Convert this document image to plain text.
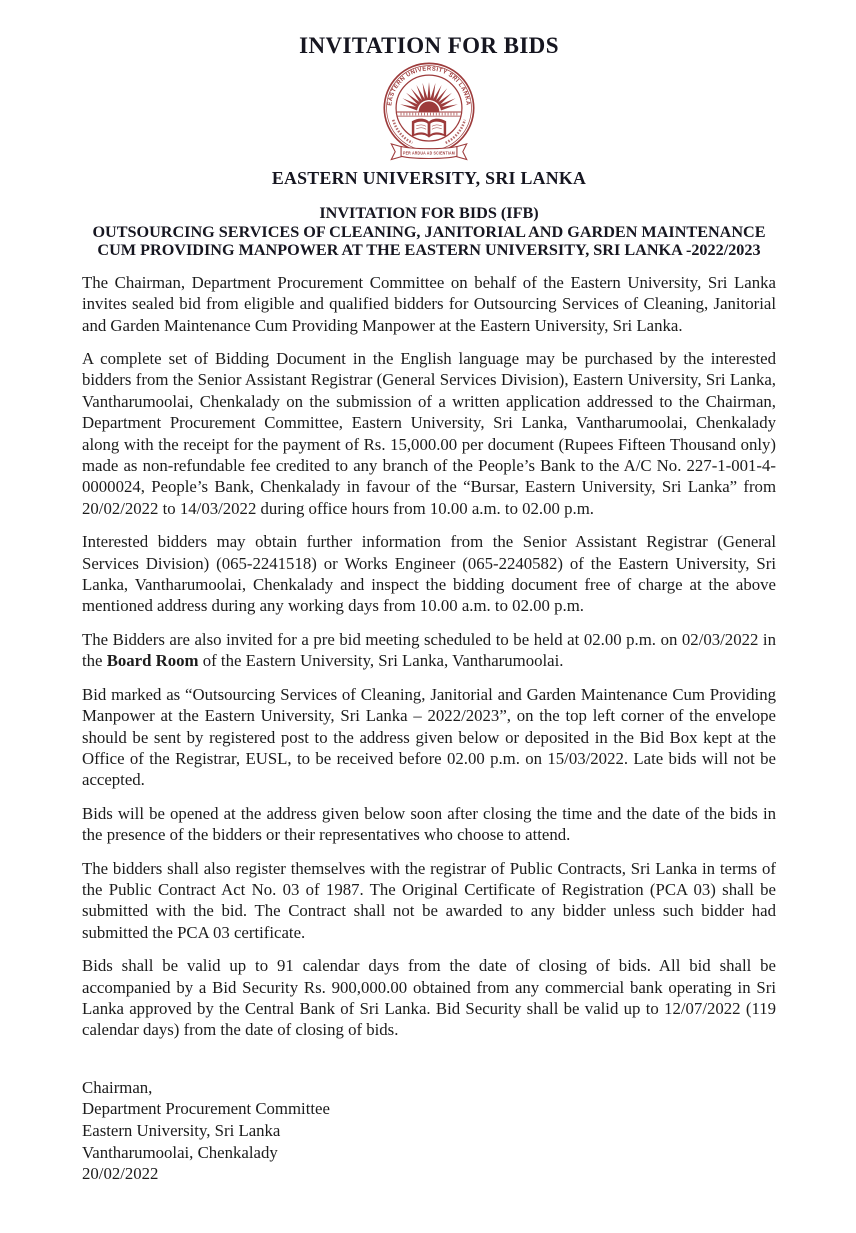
INVITATION FOR BIDS
EASTERN UNIVERSITY SRI LANKA
PER ARDUA AD SCIENTIAM
EASTERN UNIVERSITY, SRI LANKA
INVITATION FOR BIDS (IFB)
OUTSOURCING SERVICES OF CLEANING, JANITORIAL AND GARDEN MAINTENANCE
CUM PROVIDING MANPOWER AT THE EASTERN UNIVERSITY, SRI LANKA -2022/2023

The Chairman, Department Procurement Committee on behalf of the Eastern University, Sri Lanka invites sealed bid from eligible and qualified bidders for Outsourcing Services of Cleaning, Janitorial and Garden Maintenance Cum Providing Manpower at the Eastern University, Sri Lanka.

A complete set of Bidding Document in the English language may be purchased by the interested bidders from the Senior Assistant Registrar (General Services Division), Eastern University, Sri Lanka, Vantharumoolai, Chenkalady on the submission of a written application addressed to the Chairman, Department Procurement Committee, Eastern University, Sri Lanka, Vantharumoolai, Chenkalady along with the receipt for the payment of Rs. 15,000.00 per document (Rupees Fifteen Thousand only) made as non-refundable fee credited to any branch of the People’s Bank to the A/C No. 227-1-001-4-0000024, People’s Bank, Chenkalady in favour of the “Bursar, Eastern University, Sri Lanka” from 20/02/2022 to 14/03/2022 during office hours from 10.00 a.m. to 02.00 p.m.

Interested bidders may obtain further information from the Senior Assistant Registrar (General Services Division) (065-2241518) or Works Engineer (065-2240582) of the Eastern University, Sri Lanka, Vantharumoolai, Chenkalady and inspect the bidding document free of charge at the above mentioned address during any working days from 10.00 a.m. to 02.00 p.m.

The Bidders are also invited for a pre bid meeting scheduled to be held at 02.00 p.m. on 02/03/2022 in the Board Room of the Eastern University, Sri Lanka, Vantharumoolai.

Bid marked as “Outsourcing Services of Cleaning, Janitorial and Garden Maintenance Cum Providing Manpower at the Eastern University, Sri Lanka – 2022/2023”, on the top left corner of the envelope should be sent by registered post to the address given below or deposited in the Bid Box kept at the Office of the Registrar, EUSL, to be received before 02.00 p.m. on 15/03/2022. Late bids will not be accepted.

Bids will be opened at the address given below soon after closing the time and the date of the bids in the presence of the bidders or their representatives who choose to attend.

The bidders shall also register themselves with the registrar of Public Contracts, Sri Lanka in terms of the Public Contract Act No. 03 of 1987. The Original Certificate of Registration (PCA 03) shall be submitted with the bid. The Contract shall not be awarded to any bidder unless such bidder had submitted the PCA 03 certificate.

Bids shall be valid up to 91 calendar days from the date of closing of bids. All bid shall be accompanied by a Bid Security Rs. 900,000.00 obtained from any commercial bank operating in Sri Lanka approved by the Central Bank of Sri Lanka. Bid Security shall be valid up to 12/07/2022 (119 calendar days) from the date of closing of bids.

Chairman,
Department Procurement Committee
Eastern University, Sri Lanka
Vantharumoolai, Chenkalady
20/02/2022
